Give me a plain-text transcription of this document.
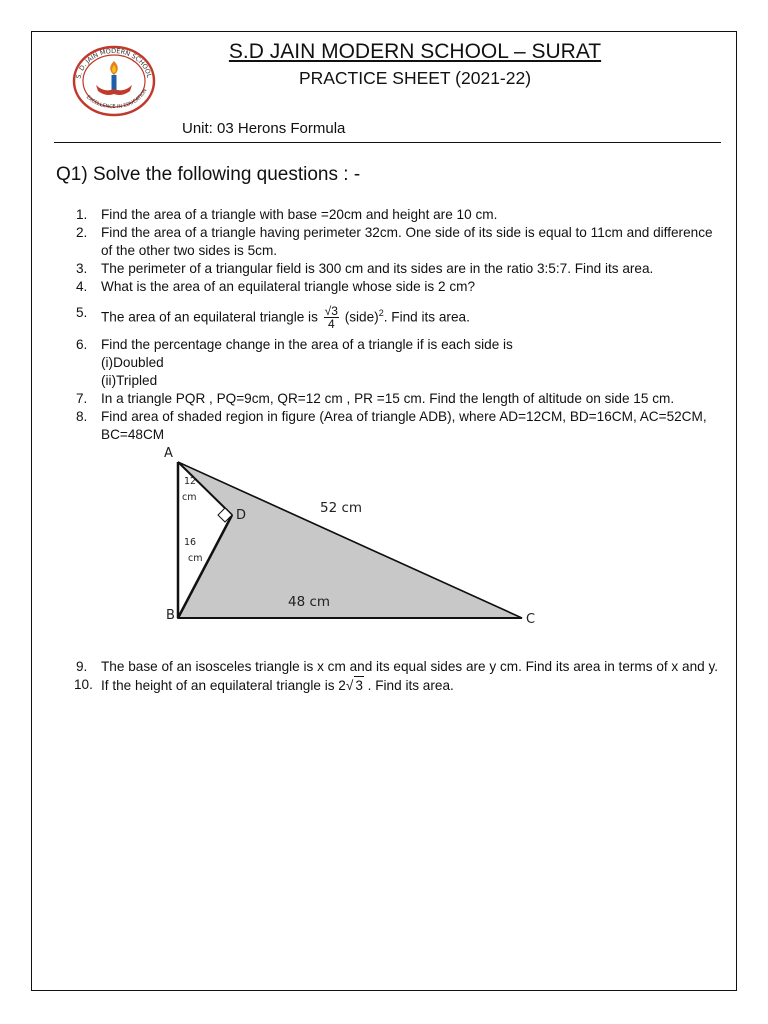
S. D. JAIN MODERN SCHOOL
EXCELLENCE IN EDUCATION
S.D JAIN MODERN SCHOOL – SURAT
PRACTICE SHEET (2021-22)
Unit: 03 Herons Formula
Q1) Solve the following questions : -
1. Find the area of a triangle with base =20cm and height are 10 cm.
2. Find the area of a triangle having perimeter 32cm. One side of its side is equal to 11cm and difference of the other two sides is 5cm.
3. The perimeter of a triangular field is 300 cm and its sides are in the ratio 3:5:7. Find its area.
4. What is the area of an equilateral triangle whose side is 2 cm?
5. The area of an equilateral triangle is $\frac{√3}{4}$ (side)$^2$. Find its area.
6. Find the percentage change in the area of a triangle if is each side is
(i)Doubled
(ii)Tripled
7. In a triangle PQR , PQ=9cm, QR=12 cm , PR =15 cm. Find the length of altitude on side 15 cm.
8. Find area of shaded region in figure (Area of triangle ADB), where AD=12CM, BD=16CM, AC=52CM, BC=48CM
A
B	C
D
12
cm
16
cm
52 cm
48 cm
9. The base of an isosceles triangle is x cm and its equal sides are y cm. Find its area in terms of x and y.
10. If the height of an equilateral triangle is 2√ 3 . Find its area.
